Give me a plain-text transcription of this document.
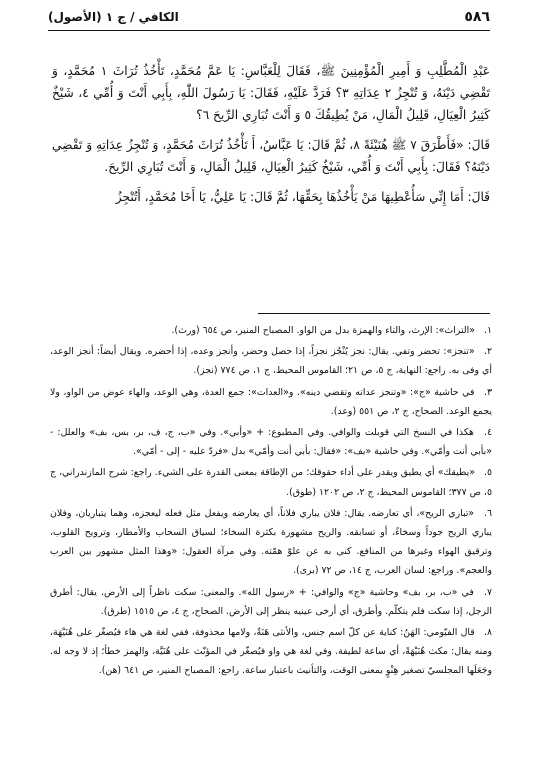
٥٨٦
الكافي / ج ١ (الأصول)

عَبْدِ الْمُطَّلِبِ وَ أَمِيرِ الْمُؤْمِنِينَ ﷺ، فَقَالَ لِلْعَبَّاسِ: يَا عَمَّ مُحَمَّدٍ، تَأْخُذُ تُرَاثَ ١ مُحَمَّدٍ، وَ تَقْضِي دَيْنَهُ، وَ تُنْجِزُ ٢ عِدَاتِهِ ٣؟ فَرَدَّ عَلَيْهِ، فَقَالَ: يَا رَسُولَ اللّٰهِ، بِأَبِي أَنْتَ وَ أُمِّي ٤، شَيْخٌ كَثِيرُ الْعِيَالِ، قَلِيلُ الْمَالِ، مَنْ يُطِيقُكَ ٥ وَ أَنْتَ تُبَارِي الرِّيحَ ٦؟

قَالَ: «فَأَطْرَقَ ٧ ﷺ هُنَيْئَةً ٨، ثُمَّ قَالَ: يَا عَبَّاسُ، أَ تَأْخُذُ تُرَاثَ مُحَمَّدٍ، وَ تُنْجِزُ عِدَاتِهِ وَ تَقْضِي دَيْنَهُ؟ فَقَالَ: بِأَبِي أَنْتَ وَ أُمِّي، شَيْخٌ كَثِيرُ الْعِيَالِ، قَلِيلُ الْمَالِ، وَ أَنْتَ تُبَارِي الرِّيحَ.

قَالَ: أَمَا إِنِّي سَأُعْطِيهَا مَنْ يَأْخُذُهَا بِحَقِّهَا، ثُمَّ قَالَ: يَا عَلِيُّ، يَا أَخَا مُحَمَّدٍ، أَتُنْجِزُ

١. «التراث»: الإرث، والتاء والهمزة بدل من الواو. المصباح المنير، ص ٦٥٤ (ورث).
٢. «تنجز»: تحضر وتفي. يقال: نجز يُنْجُز نجزاً، إذا حصل وحضر، وأنجز وعده، إذا أحضره. ويقال أيضاً: أنجز الوعد، أي وفى به. راجع: النهاية، ج ٥، ص ٢١؛ القاموس المحيط، ج ١، ص ٧٧٤ (نجز).
٣. في حاشية «ج»: «وتنجز عداته وتقضي دينه». و«العدات»: جمع العدة، وهي الوعد، والهاء عوض من الواو، ولا يجمع الوعد. الصحاح، ج ٢، ص ٥٥١ (وعد).
٤. هكذا في النسخ التي قوبلت والوافي. وفي المطبوع: + «وأبي». وفي «ب، ج، ف، بر، بس، بف» والعلل: - «بأبي أنت وأمّي». وفي حاشية «بف»: «فقال: بأبي أنت وأمّي» بدل «فردّ عليه - إلى - أمّي».
٥. «يطيقك» أي يطيق ويقدر على أداء حقوقك؛ من الإطاقة بمعنى القدرة على الشيء. راجع: شرح المازندراني، ج ٥، ص ٣٧٧؛ القاموس المحيط، ج ٢، ص ١٢٠٢ (طوق).
٦. «تباري الريح»، أي تعارضه. يقال: فلان يباري فلاناً، أي يعارضه ويفعل مثل فعله ليعجزه، وهما يتباريان، وفلان يباري الريح جوداً وسخاءً، أو تسابقه. والريح مشهورة بكثرة السخاء؛ لسياق السحاب والأمطار، وترويح القلوب، وترقيق الهواء وغيرها من المنافع. كنى به عن علوّ همّته. وفي مرآة العقول: «وهذا المثل مشهور بين العرب والعجم». وراجع: لسان العرب، ج ١٤، ص ٧٢ (برى).
٧. في «ب، بر، بف» وحاشية «ج» والوافي: + «رسول الله». والمعنى: سكت ناظراً إلى الأرض. يقال: أطرق الرجل، إذا سكت فلم يتكلّم. وأطرق، أي أرخى عينيه ينظر إلى الأرض. الصحاح، ج ٤، ص ١٥١٥ (طرق).
٨. قال الفيّومي: الهَنُ: كناية عن كلّ اسم جنس، والأنثى هَنَةٌ، ولامها محذوفة، ففي لغة هي هاء فيُصغّر على هُنَيْهَة، ومنه يقال: مكث هُنَيْهَةً، أي ساعة لطيفة. وفي لغة هي واو فيُصغّر في المؤنّث على هُنَيَّة، والهمز خطأ؛ إذ لا وجه له. وجَعَلَها المجلسيّ تصغير هِنْوٍ بمعنى الوقت، والتأنيث باعتبار ساعة. راجع: المصباح المنير، ص ٦٤١ (هن).
